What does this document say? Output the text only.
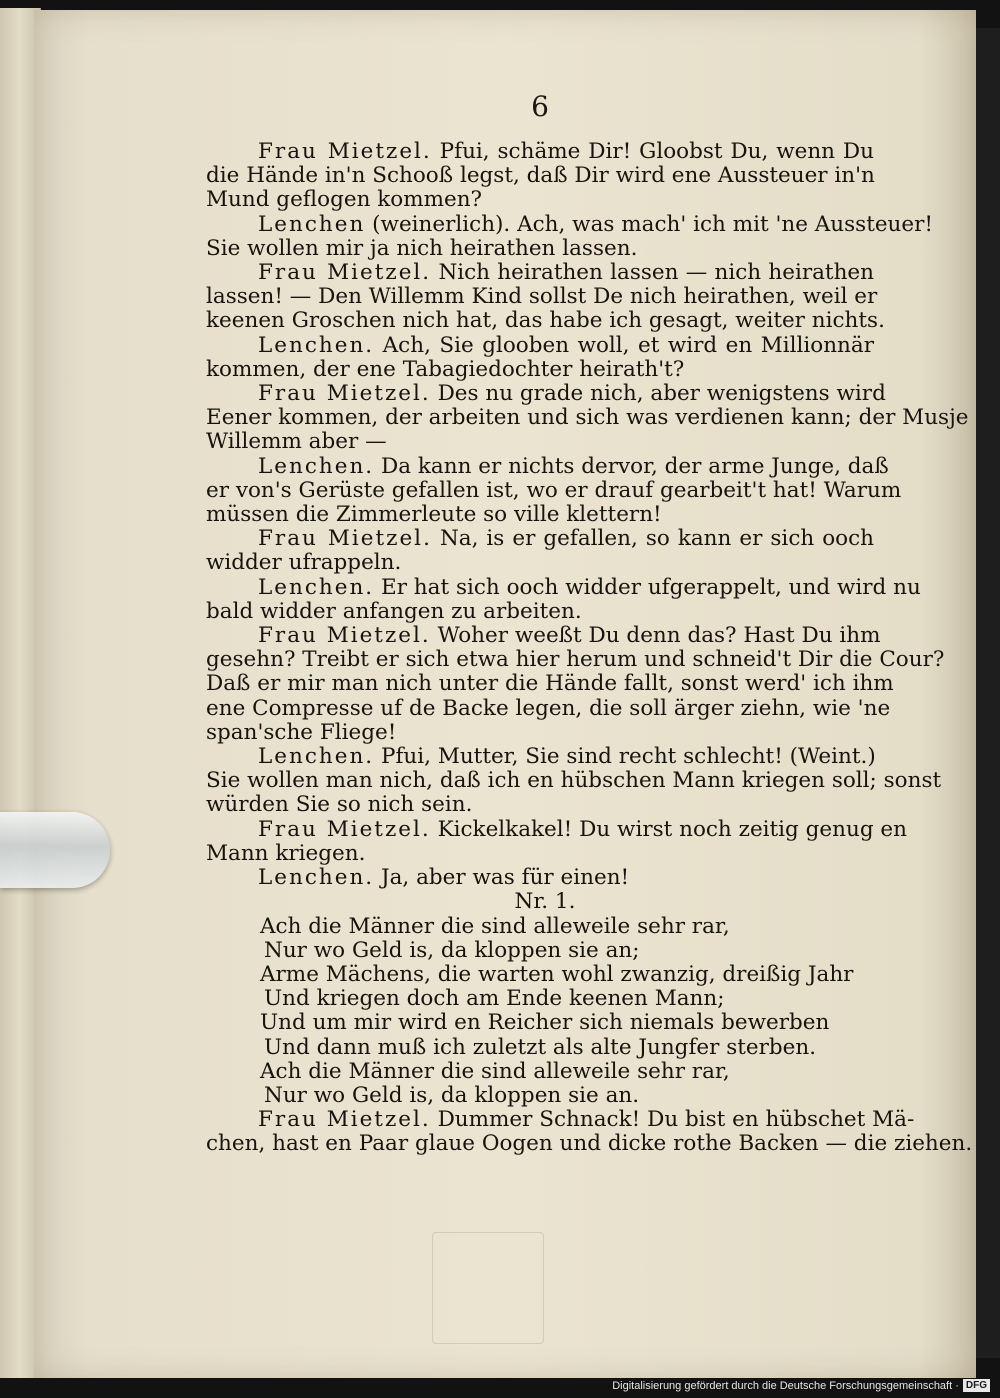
6
Frau Mietzel. Pfui, schäme Dir! Gloobst Du, wenn Du
die Hände in'n Schooß legst, daß Dir wird ene Aussteuer in'n
Mund geflogen kommen?
Lenchen (weinerlich). Ach, was mach' ich mit 'ne Aussteuer!
Sie wollen mir ja nich heirathen lassen.
Frau Mietzel. Nich heirathen lassen — nich heirathen
lassen! — Den Willemm Kind sollst De nich heirathen, weil er
keenen Groschen nich hat, das habe ich gesagt, weiter nichts.
Lenchen. Ach, Sie glooben woll, et wird en Millionnär
kommen, der ene Tabagiedochter heirath't?
Frau Mietzel. Des nu grade nich, aber wenigstens wird
Eener kommen, der arbeiten und sich was verdienen kann; der Musje
Willemm aber —
Lenchen. Da kann er nichts dervor, der arme Junge, daß
er von's Gerüste gefallen ist, wo er drauf gearbeit't hat! Warum
müssen die Zimmerleute so ville klettern!
Frau Mietzel. Na, is er gefallen, so kann er sich ooch
widder ufrappeln.
Lenchen. Er hat sich ooch widder ufgerappelt, und wird nu
bald widder anfangen zu arbeiten.
Frau Mietzel. Woher weeßt Du denn das? Hast Du ihm
gesehn? Treibt er sich etwa hier herum und schneid't Dir die Cour?
Daß er mir man nich unter die Hände fallt, sonst werd' ich ihm
ene Compresse uf de Backe legen, die soll ärger ziehn, wie 'ne
span'sche Fliege!
Lenchen. Pfui, Mutter, Sie sind recht schlecht! (Weint.)
Sie wollen man nich, daß ich en hübschen Mann kriegen soll; sonst
würden Sie so nich sein.
Frau Mietzel. Kickelkakel! Du wirst noch zeitig genug en
Mann kriegen.
Lenchen. Ja, aber was für einen!
Nr. 1.
Ach die Männer die sind alleweile sehr rar,
Nur wo Geld is, da kloppen sie an;
Arme Mächens, die warten wohl zwanzig, dreißig Jahr
Und kriegen doch am Ende keenen Mann;
Und um mir wird en Reicher sich niemals bewerben
Und dann muß ich zuletzt als alte Jungfer sterben.
Ach die Männer die sind alleweile sehr rar,
Nur wo Geld is, da kloppen sie an.
Frau Mietzel. Dummer Schnack! Du bist en hübschet Mä-
chen, hast en Paar glaue Oogen und dicke rothe Backen — die ziehen.
Digitalisierung gefördert durch die Deutsche Forschungsgemeinschaft · DFG
